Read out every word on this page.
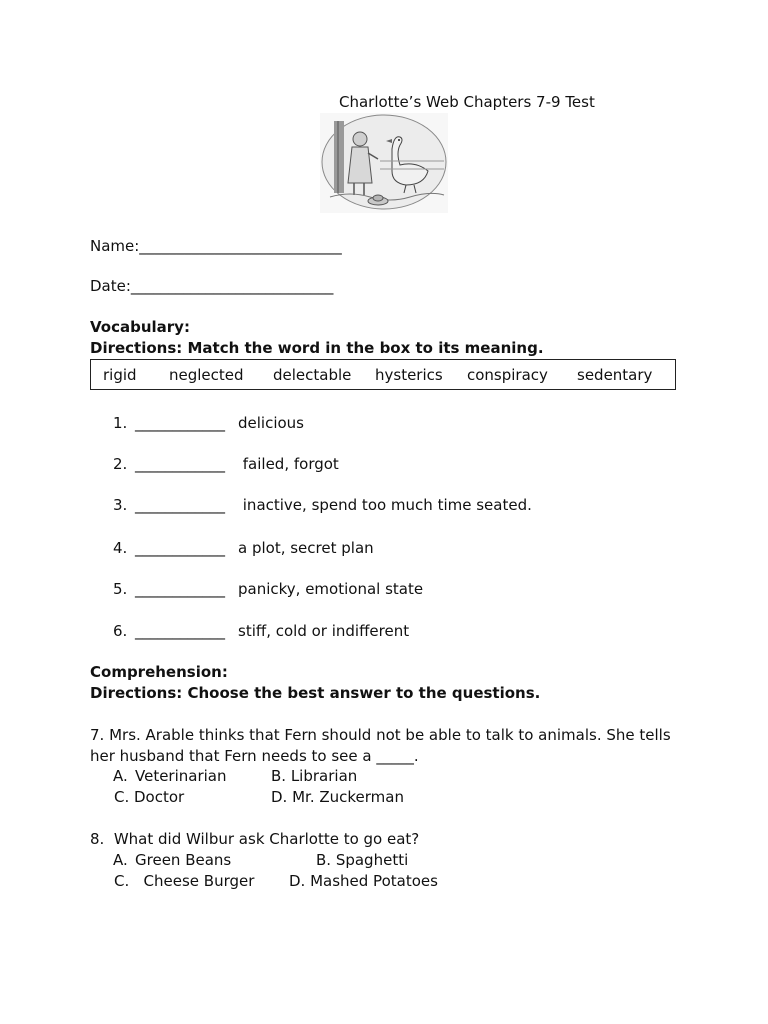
Charlotte’s Web Chapters 7-9 Test
Name:___________________________
Date:___________________________
Vocabulary:
Directions: Match the word in the box to its meaning.
rigid neglected delectable hysterics conspiracy sedentary
1. ____________ delicious
2. ____________ failed, forgot
3. ____________ inactive, spend too much time seated.
4. ____________ a plot, secret plan
5. ____________ panicky, emotional state
6. ____________ stiff, cold or indifferent
Comprehension:
Directions: Choose the best answer to the questions.
7. Mrs. Arable thinks that Fern should not be able to talk to animals. She tells
her husband that Fern needs to see a _____.
A. Veterinarian	B. Librarian
C. Doctor	D. Mr. Zuckerman
8.  What did Wilbur ask Charlotte to go eat?
A. Green Beans	B. Spaghetti
C.   Cheese Burger D. Mashed Potatoes
